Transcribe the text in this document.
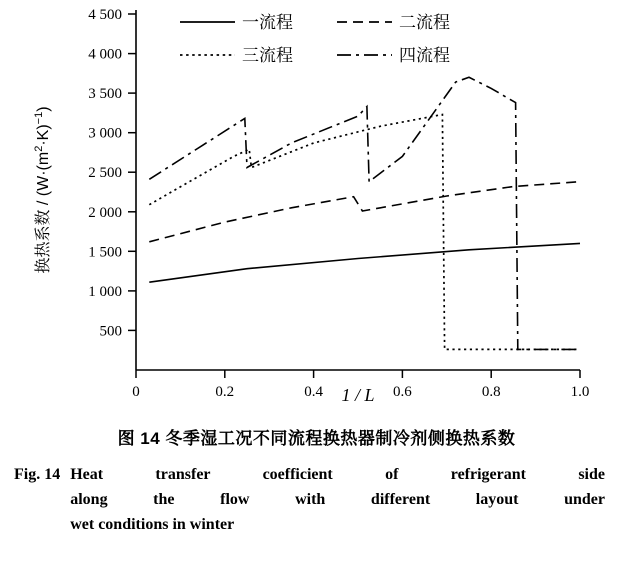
4 500
4 000
3 500
3 000
2 500
2 000
1 500
1 000
500
0	0.2	0.4	0.6	0.8	1.0
一流程	二流程
三流程	四流程
换热系数 / $(W\cdot(m^2\cdot K)^{-1})$
1 / L
图 14 冬季湿工况不同流程换热器制冷剂侧换热系数
Fig. 14 Heat transfer coefficient of refrigerant side
along the flow with different layout under
wet conditions in winter
